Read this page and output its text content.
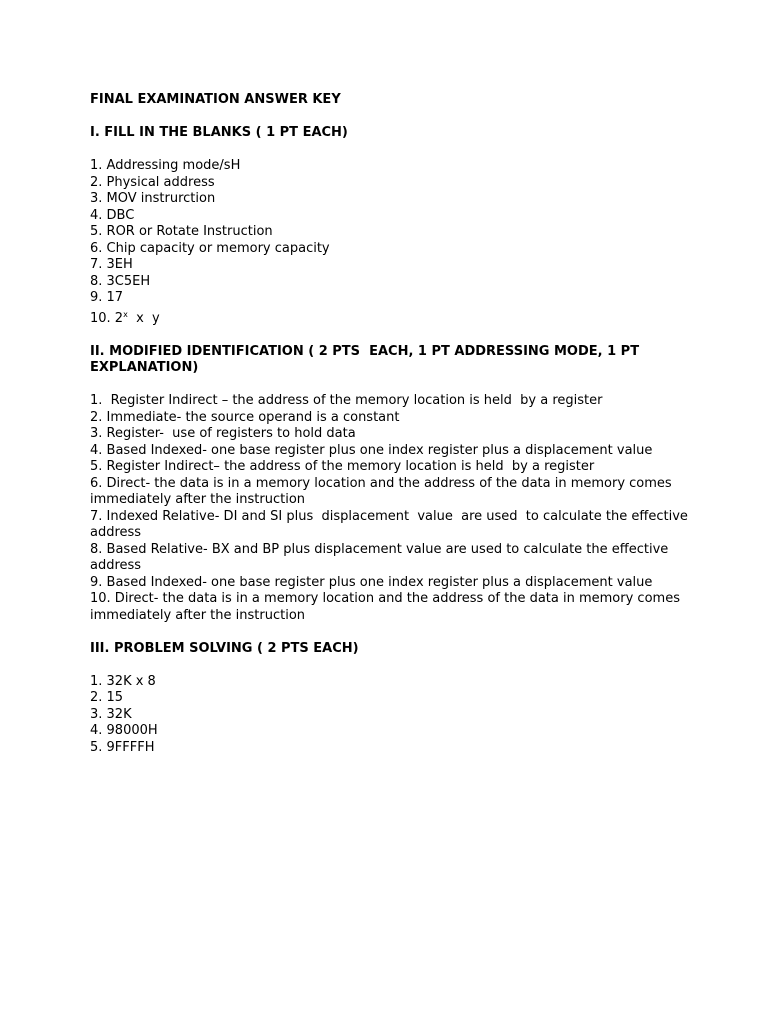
FINAL EXAMINATION ANSWER KEY

I. FILL IN THE BLANKS ( 1 PT EACH)

1. Addressing mode/sH
2. Physical address
3. MOV instrurction
4. DBC
5. ROR or Rotate Instruction
6. Chip capacity or memory capacity
7. 3EH
8. 3C5EH
9. 17
10. 2$^x$  x  y

II. MODIFIED IDENTIFICATION ( 2 PTS  EACH, 1 PT ADDRESSING MODE, 1 PT EXPLANATION)

1.  Register Indirect – the address of the memory location is held  by a register
2. Immediate- the source operand is a constant
3. Register-  use of registers to hold data
4. Based Indexed- one base register plus one index register plus a displacement value
5. Register Indirect– the address of the memory location is held  by a register
6. Direct- the data is in a memory location and the address of the data in memory comes immediately after the instruction
7. Indexed Relative- DI and SI plus  displacement  value  are used  to calculate the effective address
8. Based Relative- BX and BP plus displacement value are used to calculate the effective address
9. Based Indexed- one base register plus one index register plus a displacement value
10. Direct- the data is in a memory location and the address of the data in memory comes immediately after the instruction

III. PROBLEM SOLVING ( 2 PTS EACH)

1. 32K x 8
2. 15
3. 32K
4. 98000H
5. 9FFFFH
